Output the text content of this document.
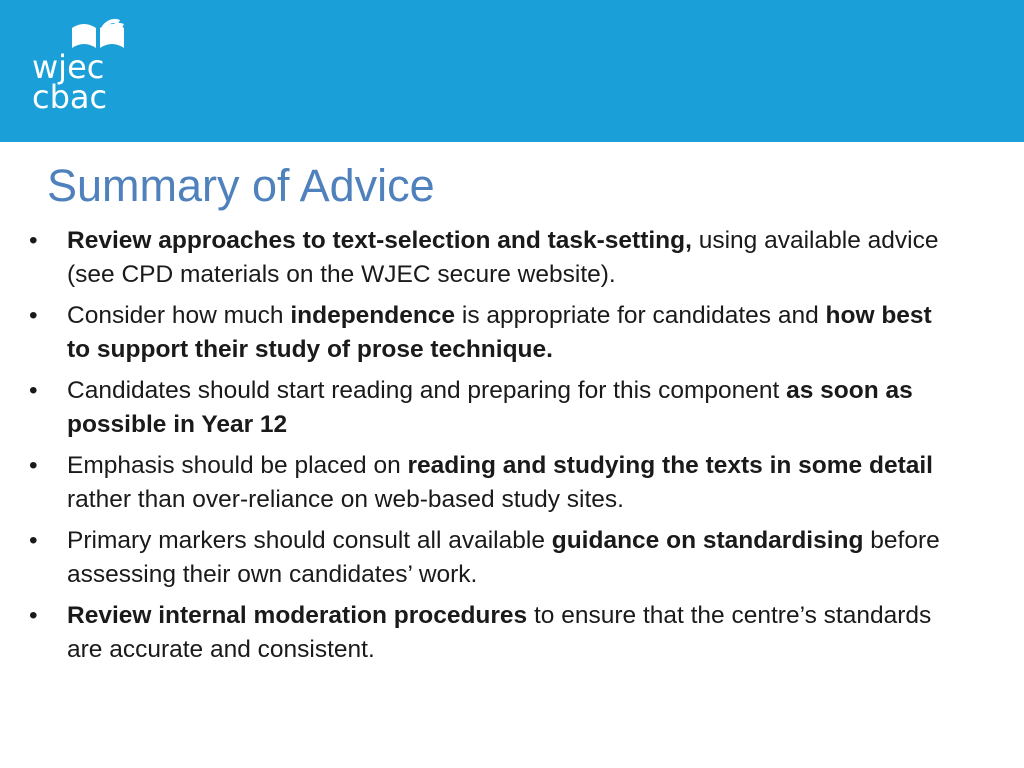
wjec
cbac
Summary of Advice
• Review approaches to text-selection and task-setting, using available advice (see CPD materials on the WJEC secure website).
• Consider how much independence is appropriate for candidates and how best to support their study of prose technique.
• Candidates should start reading and preparing for this component as soon as possible in Year 12
• Emphasis should be placed on reading and studying the texts in some detail rather than over-reliance on web-based study sites.
• Primary markers should consult all available guidance on standardising before assessing their own candidates’ work.
• Review internal moderation procedures to ensure that the centre’s standards are accurate and consistent.
